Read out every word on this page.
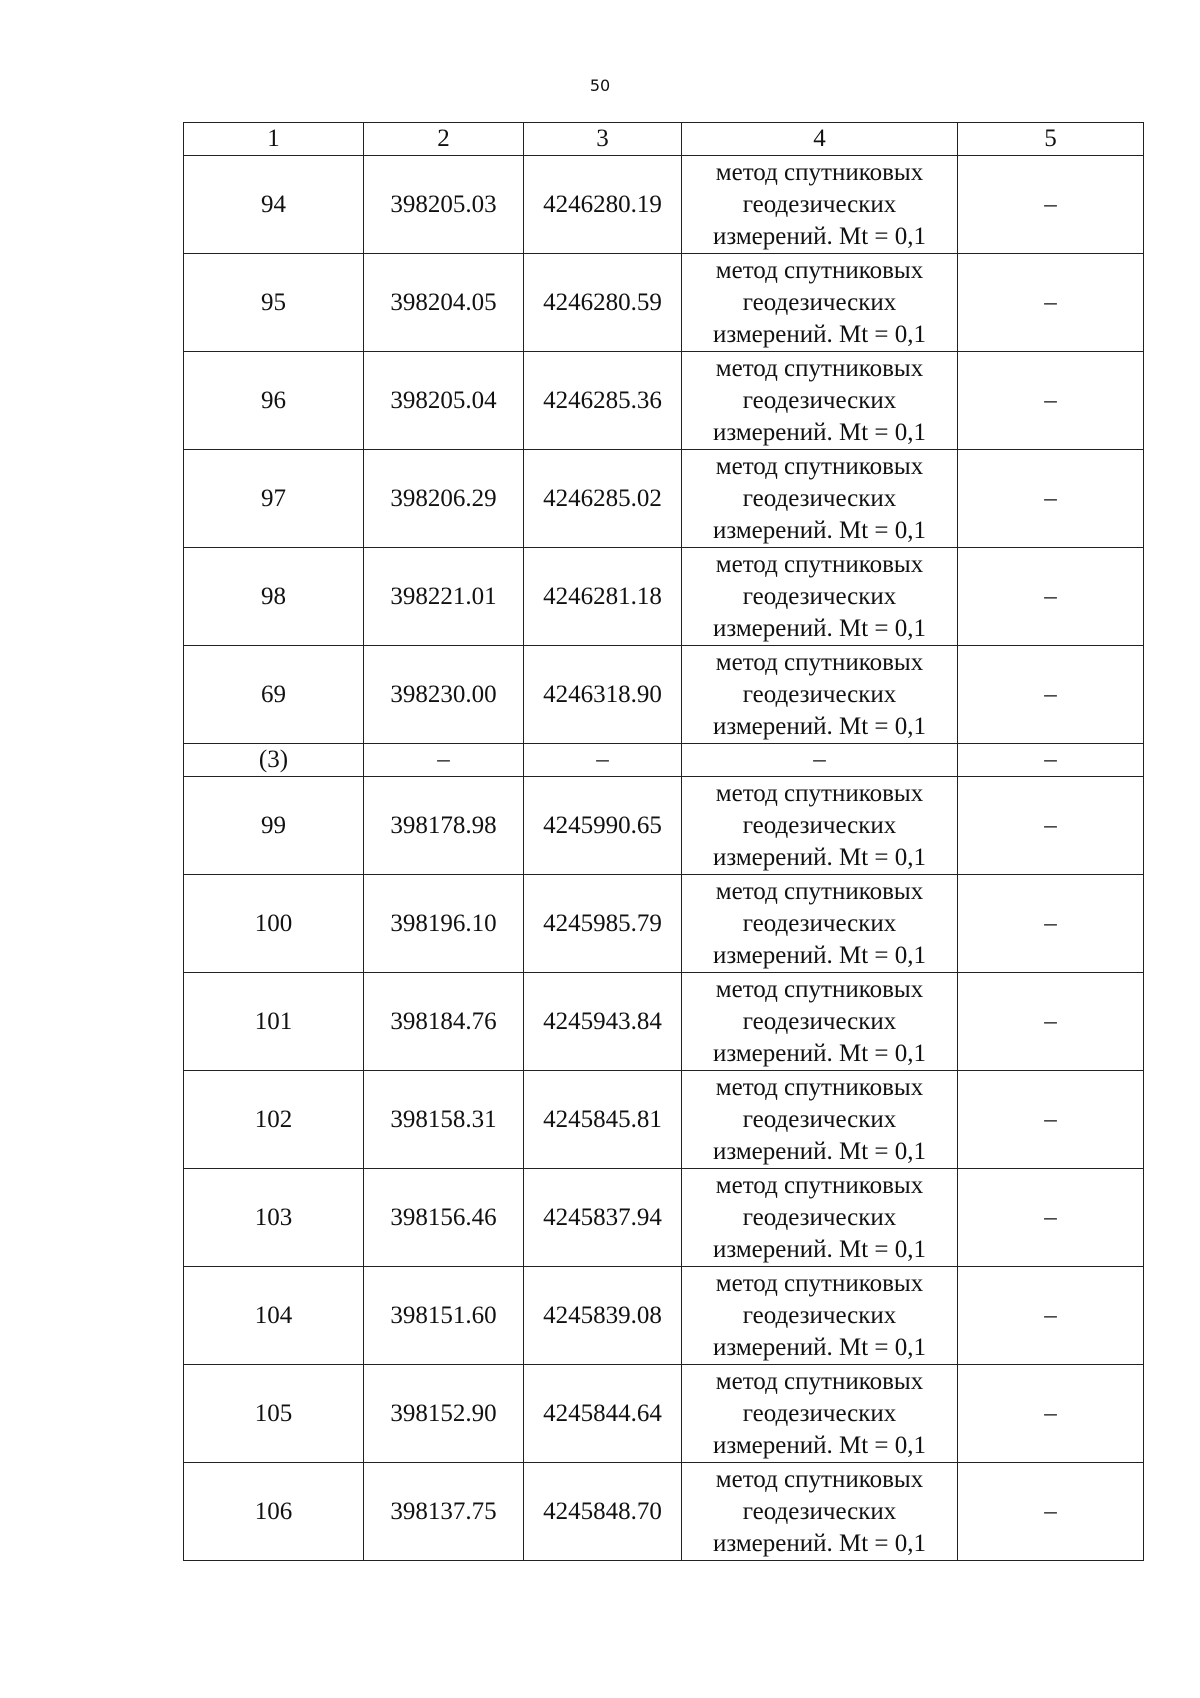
50
1	2	3	4	5
94	398205.03	4246280.19	метод спутниковых
геодезических
измерений. Mt = 0,1	–
95	398204.05	4246280.59	метод спутниковых
геодезических
измерений. Mt = 0,1	–
96	398205.04	4246285.36	метод спутниковых
геодезических
измерений. Mt = 0,1	–
97	398206.29	4246285.02	метод спутниковых
геодезических
измерений. Mt = 0,1	–
98	398221.01	4246281.18	метод спутниковых
геодезических
измерений. Mt = 0,1	–
69	398230.00	4246318.90	метод спутниковых
геодезических
измерений. Mt = 0,1	–
(3)	–	–	–	–
99	398178.98	4245990.65	метод спутниковых
геодезических
измерений. Mt = 0,1	–
100	398196.10	4245985.79	метод спутниковых
геодезических
измерений. Mt = 0,1	–
101	398184.76	4245943.84	метод спутниковых
геодезических
измерений. Mt = 0,1	–
102	398158.31	4245845.81	метод спутниковых
геодезических
измерений. Mt = 0,1	–
103	398156.46	4245837.94	метод спутниковых
геодезических
измерений. Mt = 0,1	–
104	398151.60	4245839.08	метод спутниковых
геодезических
измерений. Mt = 0,1	–
105	398152.90	4245844.64	метод спутниковых
геодезических
измерений. Mt = 0,1	–
106	398137.75	4245848.70	метод спутниковых
геодезических
измерений. Mt = 0,1	–
